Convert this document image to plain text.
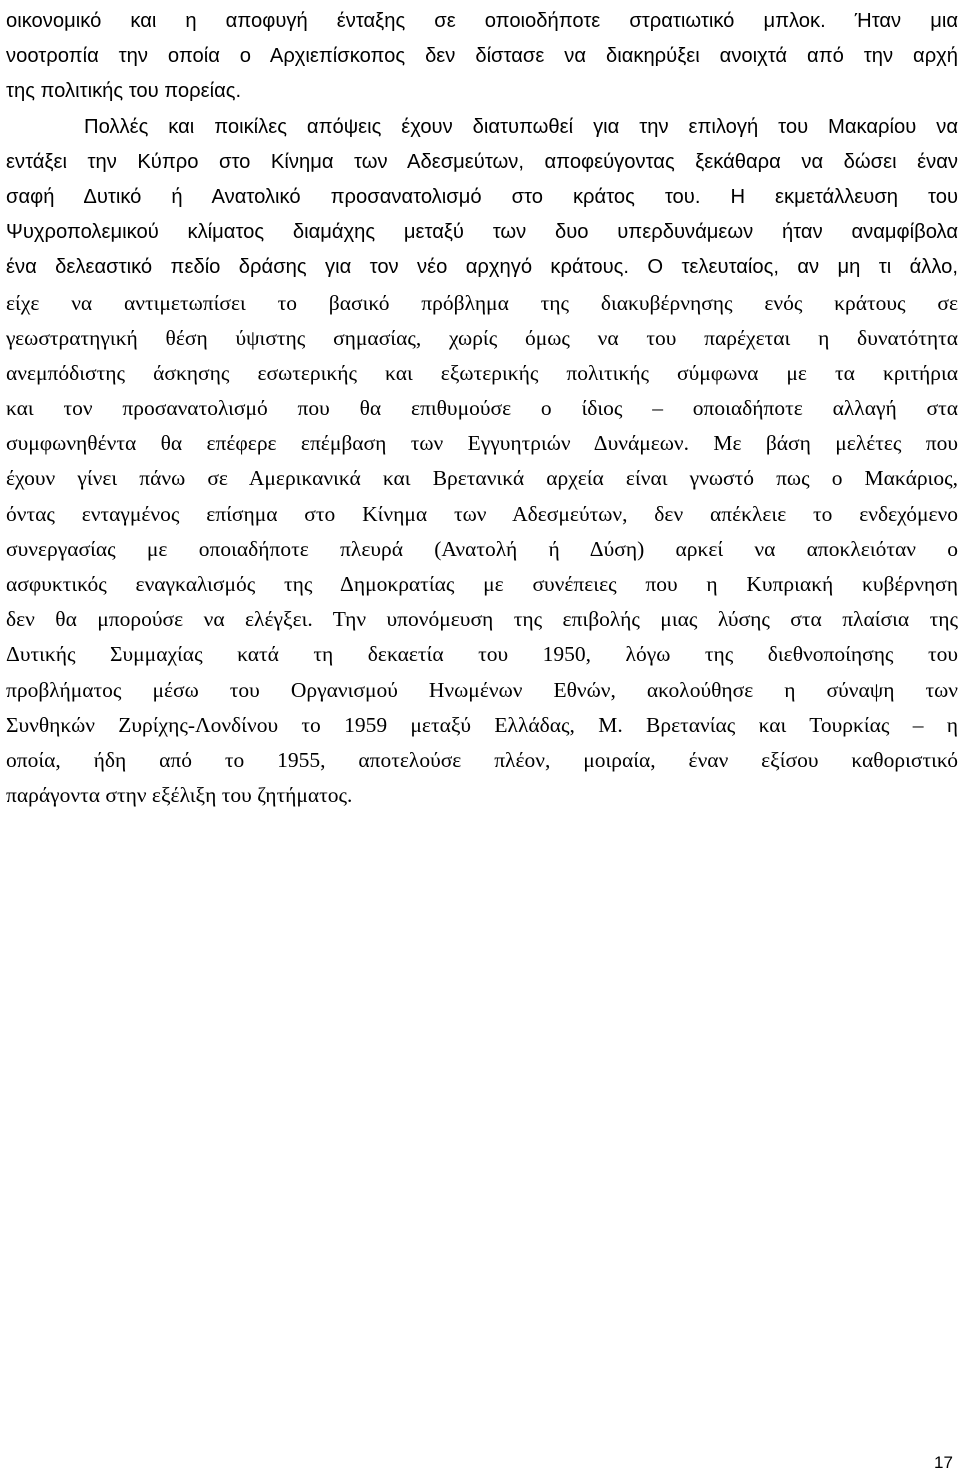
οικονομικό και η αποφυγή ένταξης σε οποιοδήποτε στρατιωτικό μπλοκ. Ήταν μια
νοοτροπία την οποία ο Αρχιεπίσκοπος δεν δίστασε να διακηρύξει ανοιχτά από την αρχή
της πολιτικής του πορείας.
Πολλές και ποικίλες απόψεις έχουν διατυπωθεί για την επιλογή του Μακαρίου να
εντάξει την Κύπρο στο Κίνημα των Αδεσμεύτων, αποφεύγοντας ξεκάθαρα να δώσει έναν
σαφή Δυτικό ή Ανατολικό προσανατολισμό στο κράτος του. Η εκμετάλλευση του
Ψυχροπολεμικού κλίματος διαμάχης μεταξύ των δυο υπερδυνάμεων ήταν αναμφίβολα
ένα δελεαστικό πεδίο δράσης για τον νέο αρχηγό κράτους. Ο τελευταίος, αν μη τι άλλο,
είχε να αντιμετωπίσει το βασικό πρόβλημα της διακυβέρνησης ενός κράτους σε
γεωστρατηγική θέση ύψιστης σημασίας, χωρίς όμως να του παρέχεται η δυνατότητα
ανεμπόδιστης άσκησης εσωτερικής και εξωτερικής πολιτικής σύμφωνα με τα κριτήρια
και τον προσανατολισμό που θα επιθυμούσε ο ίδιος – οποιαδήποτε αλλαγή στα
συμφωνηθέντα θα επέφερε επέμβαση των Εγγυητριών Δυνάμεων. Με βάση μελέτες που
έχουν γίνει πάνω σε Αμερικανικά και Βρετανικά αρχεία είναι γνωστό πως ο Μακάριος,
όντας ενταγμένος επίσημα στο Κίνημα των Αδεσμεύτων, δεν απέκλειε το ενδεχόμενο
συνεργασίας με οποιαδήποτε πλευρά (Ανατολή ή Δύση) αρκεί να αποκλειόταν ο
ασφυκτικός εναγκαλισμός της Δημοκρατίας με συνέπειες που η Κυπριακή κυβέρνηση
δεν θα μπορούσε να ελέγξει. Την υπονόμευση της επιβολής μιας λύσης στα πλαίσια της
Δυτικής Συμμαχίας κατά τη δεκαετία του 1950, λόγω της διεθνοποίησης του
προβλήματος μέσω του Οργανισμού Ηνωμένων Εθνών, ακολούθησε η σύναψη των
Συνθηκών Ζυρίχης-Λονδίνου το 1959 μεταξύ Ελλάδας, Μ. Βρετανίας και Τουρκίας – η
οποία, ήδη από το 1955, αποτελούσε πλέον, μοιραία, έναν εξίσου καθοριστικό
παράγοντα στην εξέλιξη του ζητήματος.
17
